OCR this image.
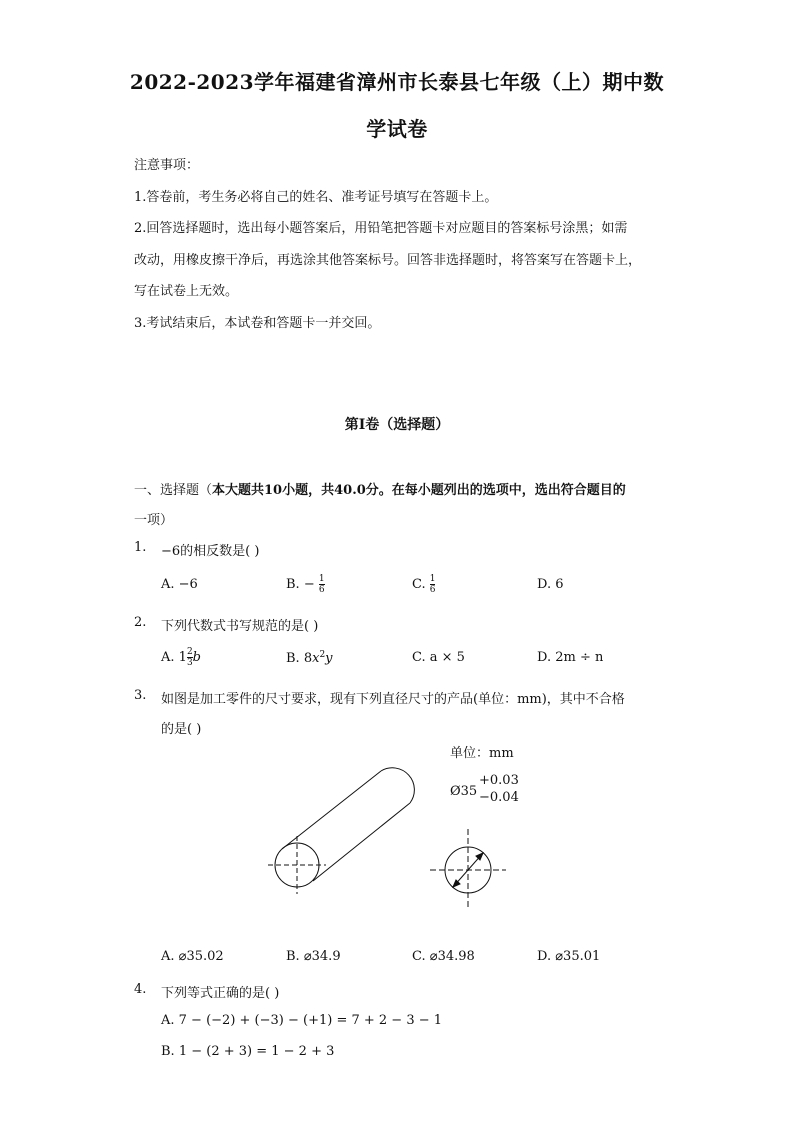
2022-2023学年福建省漳州市长泰县七年级（上）期中数
学试卷
注意事项：
1.答卷前，考生务必将自己的姓名、准考证号填写在答题卡上。
2.回答选择题时，选出每小题答案后，用铅笔把答题卡对应题目的答案标号涂黑；如需
改动，用橡皮擦干净后，再选涂其他答案标号。回答非选择题时，将答案写在答题卡上，
写在试卷上无效。
3.考试结束后，本试卷和答题卡一并交回。
第Ⅰ卷（选择题）
一、选择题（本大题共10小题，共40.0分。在每小题列出的选项中，选出符合题目的
一项）
1. −6的相反数是( )
A. −6	B. − $\frac{1}{6}$	C. $\frac{1}{6}$	D. 6
2. 下列代数式书写规范的是( )
A. $1 \frac{2}{3}$ b	B. $8x^2y$	C. a × 5	D. 2m ÷ n
3. 如图是加工零件的尺寸要求，现有下列直径尺寸的产品(单位：mm)，其中不合格
的是( )
单位：mm
Ø35
+0.03
−0.04
A. ⌀35.02	B. ⌀34.9	C. ⌀34.98	D. ⌀35.01
4. 下列等式正确的是( )
A. 7 − (−2) + (−3) − (+1) = 7 + 2 − 3 − 1
B. 1 − (2 + 3) = 1 − 2 + 3
